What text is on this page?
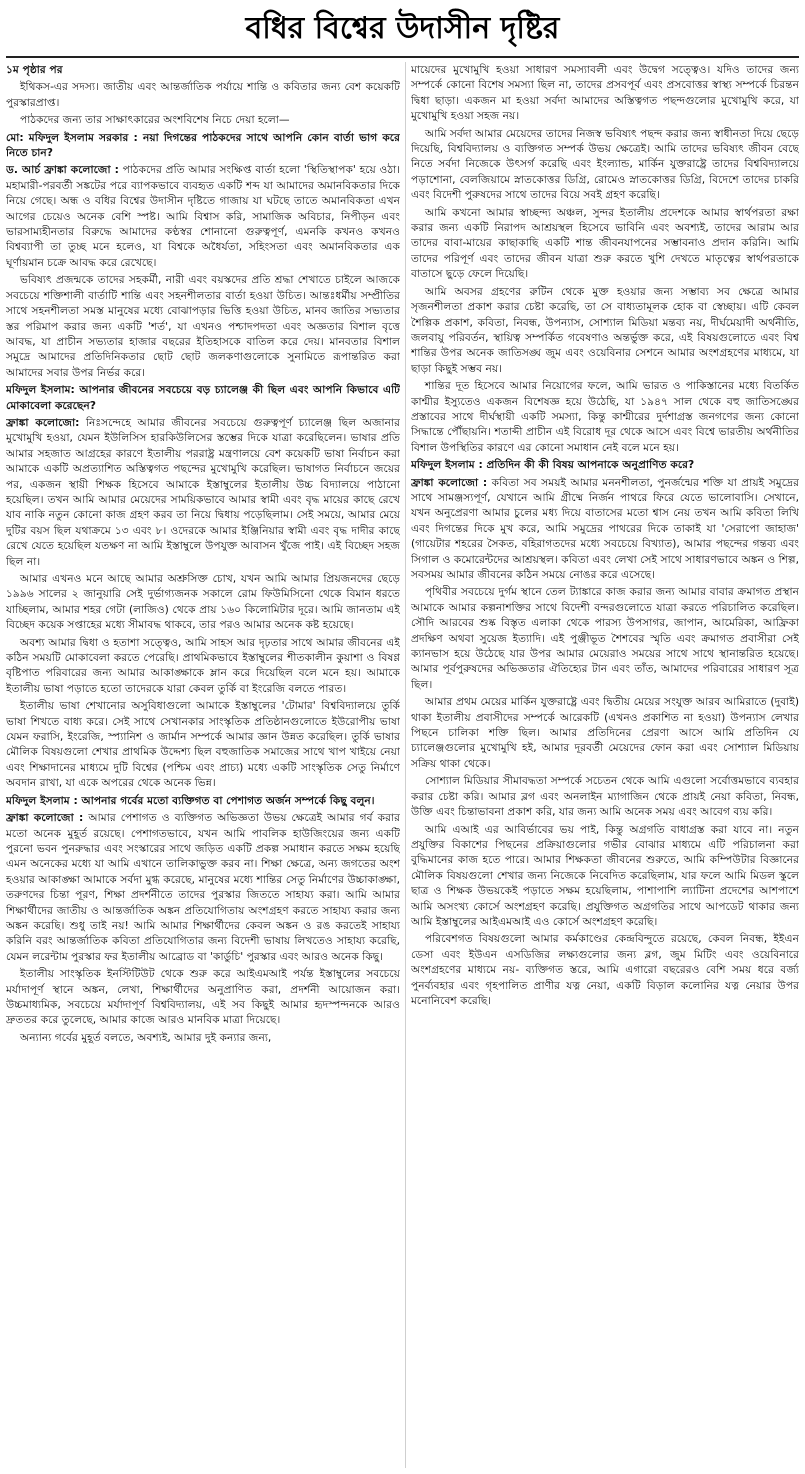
বধির বিশ্বের উদাসীন দৃষ্টির

১ম পৃষ্ঠার পর

ইথিকস-এর সদস্য। জাতীয় এবং আন্তর্জাতিক পর্যায়ে শান্তি ও কবিতার জন্য বেশ কয়েকটি পুরস্কারপ্রাপ্ত।

পাঠকদের জন্য তার সাক্ষাৎকারের অংশবিশেষ নিচে দেয়া হলো—

মো: মফিদুল ইসলাম সরকার : নয়া দিগন্তের পাঠকদের সাথে আপনি কোন বার্তা ভাগ করে নিতে চান?

ড. আর্চ ফ্রাঙ্কা কলোজো : পাঠকদের প্রতি আমার সংক্ষিপ্ত বার্তা হলো 'স্থিতিস্থাপক' হয়ে ওঠা। মহামারী-পরবর্তী সঙ্কটের পরে ব্যাপকভাবে ব্যবহৃত একটি শব্দ যা আমাদের অমানবিকতার দিকে নিয়ে গেছে। অন্ধ ও বধির বিশ্বের উদাসীন দৃষ্টিতে গাজায় যা ঘটছে তাতে অমানবিকতা এখন আগের চেয়েও অনেক বেশি স্পষ্ট। আমি বিশ্বাস করি, সামাজিক অবিচার, নিপীড়ন এবং ভারসাম্যহীনতার বিরুদ্ধে আমাদের কণ্ঠস্বর শোনানো গুরুত্বপূর্ণ, এমনকি কখনও কখনও বিশ্বব্যাপী তা তুচ্ছ মনে হলেও, যা বিশ্বকে অধৈর্যতা, সহিংসতা এবং অমানবিকতার এক ঘূর্ণায়মান চক্রে আবদ্ধ করে রেখেছে।

ভবিষ্যৎ প্রজন্মকে তাদের সহকর্মী, নারী এবং বয়স্কদের প্রতি শ্রদ্ধা শেখাতে চাইলে আজকে সবচেয়ে শক্তিশালী বার্তাটি শান্তি এবং সহনশীলতার বার্তা হওয়া উচিত। আন্তঃধর্মীয় সম্প্রীতির সাথে সহনশীলতা সমস্ত মানুষের মধ্যে বোঝাপড়ার ভিত্তি হওয়া উচিত, মানব জাতির সভ্যতার স্তর পরিমাপ করার জন্য একটি 'শর্ত', যা এখনও পশ্চাদপদতা এবং অজ্ঞতার বিশাল বৃত্তে আবদ্ধ, যা প্রাচীন সভ্যতার হাজার বছরের ইতিহাসকে বাতিল করে দেয়। মানবতার বিশাল সমুদ্রে আমাদের প্রতিদিনিকতার ছোট ছোট জলকণাগুলোকে সুনামিতে রূপান্তরিত করা আমাদের সবার উপর নির্ভর করে।

মফিদুল ইসলাম: আপনার জীবনের সবচেয়ে বড় চ্যালেঞ্জ কী ছিল এবং আপনি কিভাবে এটি মোকাবেলা করেছেন?

ফ্রাঙ্কা কলোজো: নিঃসন্দেহে আমার জীবনের সবচেয়ে গুরুত্বপূর্ণ চ্যালেঞ্জ ছিল অজানার মুখোমুখি হওয়া, যেমন ইউলিসিস হারকিউলিসের স্তম্ভের দিকে যাত্রা করেছিলেন। ভাষার প্রতি আমার সহজাত আগ্রহের কারণে ইতালীয় পররাষ্ট্র মন্ত্রণালয়ে বেশ কয়েকটি ভাষা নির্বাচন করা আমাকে একটি অপ্রত্যাশিত অস্তিত্বগত পছন্দের মুখোমুখি করেছিল। ভাষাগত নির্বাচনে জয়ের পর, একজন স্থায়ী শিক্ষক হিসেবে আমাকে ইস্তাম্বুলের ইতালীয় উচ্চ বিদ্যালয়ে পাঠানো হয়েছিল। তখন আমি আমার মেয়েদের সাময়িকভাবে আমার স্বামী এবং বৃদ্ধ মায়ের কাছে রেখে যাব নাকি নতুন কোনো কাজ গ্রহণ করব তা নিয়ে দ্বিধায় পড়েছিলাম। সেই সময়ে, আমার মেয়ে দুটির বয়স ছিল যথাক্রমে ১৩ এবং ৮। ওদেরকে আমার ইঞ্জিনিয়ার স্বামী এবং বৃদ্ধ দাদীর কাছে রেখে যেতে হয়েছিল যতক্ষণ না আমি ইস্তাম্বুলে উপযুক্ত আবাসন খুঁজে পাই। এই বিচ্ছেদ সহজ ছিল না।

আমার এখনও মনে আছে আমার অশ্রুসিক্ত চোখ, যখন আমি আমার প্রিয়জনদের ছেড়ে ১৯৯৬ সালের ২ জানুয়ারি সেই দুর্ভাগ্যজনক সকালে রোম ফিউমিসিনো থেকে বিমান ধরতে যাচ্ছিলাম, আমার শহর গেটা (লাজিও) থেকে প্রায় ১৬০ কিলোমিটার দূরে। আমি জানতাম এই বিচ্ছেদ কয়েক সপ্তাহের মধ্যে সীমাবদ্ধ থাকবে, তার পরও আমার অনেক কষ্ট হয়েছে।

অবশ্য আমার দ্বিধা ও হতাশা সত্ত্বেও, আমি সাহস আর দৃঢ়তার সাথে আমার জীবনের এই কঠিন সময়টি মোকাবেলা করতে পেরেছি। প্রাথমিকভাবে ইস্তাম্বুলের শীতকালীন কুয়াশা ও বিষণ্ণ বৃষ্টিপাত পরিবারের জন্য আমার আকাঙ্ক্ষাকে ম্লান করে দিয়েছিল বলে মনে হয়। আমাকে ইতালীয় ভাষা পড়াতে হতো তাদেরকে যারা কেবল তুর্কি বা ইংরেজি বলতে পারত।

ইতালীয় ভাষা শেখানোর অসুবিধাগুলো আমাকে ইস্তাম্বুলের 'টোমার' বিশ্ববিদ্যালয়ে তুর্কি ভাষা শিখতে বাধ্য করে। সেই সাথে সেখানকার সাংস্কৃতিক প্রতিষ্ঠানগুলোতে ইউরোপীয় ভাষা যেমন ফরাসি, ইংরেজি, স্প্যানিশ ও জার্মান সম্পর্কে আমার জ্ঞান উন্নত করেছিল। তুর্কি ভাষার মৌলিক বিষয়গুলো শেখার প্রাথমিক উদ্দেশ্য ছিল বহুজাতিক সমাজের সাথে খাপ খাইয়ে নেয়া এবং শিক্ষাদানের মাধ্যমে দুটি বিশ্বের (পশ্চিম এবং প্রাচ্য) মধ্যে একটি সাংস্কৃতিক সেতু নির্মাণে অবদান রাখা, যা একে অপরের থেকে অনেক ভিন্ন।

মফিদুল ইসলাম : আপনার গর্বের মতো ব্যক্তিগত বা পেশাগত অর্জন সম্পর্কে কিছু বলুন।

ফ্রাঙ্কা কলোজো : আমার পেশাগত ও ব্যক্তিগত অভিজ্ঞতা উভয় ক্ষেত্রেই আমার গর্ব করার মতো অনেক মুহূর্ত রয়েছে। পেশাগতভাবে, যখন আমি পাবলিক হাউজিংয়ের জন্য একটি পুরনো ভবন পুনরুদ্ধার এবং সংস্কারের সাথে জড়িত একটি প্রকল্প সমাধান করতে সক্ষম হয়েছি এমন অনেকের মধ্যে যা আমি এখানে তালিকাভুক্ত করব না। শিক্ষা ক্ষেত্রে, অন্য জগতের অংশ হওয়ার আকাঙ্ক্ষা আমাকে সর্বদা মুগ্ধ করেছে, মানুষের মধ্যে শান্তির সেতু নির্মাণের উচ্চাকাঙ্ক্ষা, তরুণদের চিন্তা পূরণ, শিক্ষা প্রদর্শনীতে তাদের পুরস্কার জিততে সাহায্য করা। আমি আমার শিক্ষার্থীদের জাতীয় ও আন্তর্জাতিক অঙ্কন প্রতিযোগিতায় অংশগ্রহণ করতে সাহায্য করার জন্য অঙ্কন করেছি। শুধু তাই নয়! আমি আমার শিক্ষার্থীদের কেবল অঙ্কন ও রঙ করতেই সাহায্য করিনি বরং আন্তর্জাতিক কবিতা প্রতিযোগিতার জন্য বিদেশী ভাষায় লিখতেও সাহায্য করেছি, যেমন লরেন্টাম পুরস্কার ফর ইতালীয় আব্রোড বা 'কার্ডুচি' পুরস্কার এবং আরও অনেক কিছু।

ইতালীয় সাংস্কৃতিক ইনস্টিটিউট থেকে শুরু করে আইএমআই পর্যন্ত ইস্তাম্বুলের সবচেয়ে মর্যাদাপূর্ণ স্থানে অঙ্কন, লেখা, শিক্ষার্থীদের অনুপ্রাণিত করা, প্রদর্শনী আয়োজন করা। উচ্চমাধ্যমিক, সবচেয়ে মর্যাদাপূর্ণ বিশ্ববিদ্যালয়, এই সব কিছুই আমার হৃদস্পন্দনকে আরও দ্রুততর করে তুলেছে, আমার কাজে আরও মানবিক মাত্রা দিয়েছে।

অন্যান্য গর্বের মুহূর্ত বলতে, অবশ্যই, আমার দুই কন্যার জন্য,

মায়েদের মুখোমুখি হওয়া সাধারণ সমস্যাবলী এবং উদ্বেগ সত্ত্বেও। যদিও তাদের জন্য সম্পর্কে কোনো বিশেষ সমস্যা ছিল না, তাদের প্রসবপূর্ব এবং প্রসবোত্তর স্বাস্থ্য সম্পর্কে চিরন্তন দ্বিধা ছাড়া। একজন মা হওয়া সর্বদা আমাদের অস্তিত্বগত পছন্দগুলোর মুখোমুখি করে, যা মুখোমুখি হওয়া সহজ নয়।

আমি সর্বদা আমার মেয়েদের তাদের নিজস্ব ভবিষ্যৎ পছন্দ করার জন্য স্বাধীনতা দিয়ে ছেড়ে দিয়েছি, বিশ্ববিদ্যালয় ও ব্যক্তিগত সম্পর্ক উভয় ক্ষেত্রেই। আমি তাদের ভবিষ্যৎ জীবন বেছে নিতে সর্বদা নিজেকে উৎসর্গ করেছি এবং ইংল্যান্ড, মার্কিন যুক্তরাষ্ট্রে তাদের বিশ্ববিদ্যালয়ে পড়াশোনা, বেলজিয়ামে স্নাতকোত্তর ডিগ্রি, রোমেও স্নাতকোত্তর ডিগ্রি, বিদেশে তাদের চাকরি এবং বিদেশী পুরুষদের সাথে তাদের বিয়ে সবই গ্রহণ করেছি।

আমি কখনো আমার স্বাচ্ছন্দ্য অঞ্চল, সুন্দর ইতালীয় প্রদেশকে আমার স্বার্থপরতা রক্ষা করার জন্য একটি নিরাপদ আশ্রয়স্থল হিসেবে ভাবিনি এবং অবশ্যই, তাদের আরাম আর তাদের বাবা-মায়ের কাছাকাছি একটি শান্ত জীবনযাপনের সম্ভাবনাও প্রদান করিনি। আমি তাদের পরিপূর্ণ এবং তাদের জীবন যাত্রা শুরু করতে খুশি দেখতে মাতৃত্বের স্বার্থপরতাকে বাতাসে ছুড়ে ফেলে দিয়েছি।

আমি অবসর গ্রহণের রুটিন থেকে মুক্ত হওয়ার জন্য সম্ভাব্য সব ক্ষেত্রে আমার সৃজনশীলতা প্রকাশ করার চেষ্টা করেছি, তা সে বাধ্যতামূলক হোক বা স্বেচ্ছায়। এটি কেবল শৈল্পিক প্রকাশ, কবিতা, নিবন্ধ, উপন্যাস, সোশ্যাল মিডিয়া মন্তব্য নয়, দীর্ঘমেয়াদী অর্থনীতি, জলবায়ু পরিবর্তন, স্থায়িত্ব সম্পর্কিত গবেষণাও অন্তর্ভুক্ত করে, এই বিষয়গুলোতে এবং বিশ্ব শান্তির উপর অনেক জাতিসঙ্ঘ জুম এবং ওয়েবিনার সেশনে আমার অংশগ্রহণের মাধ্যমে, যা ছাড়া কিছুই সম্ভব নয়।

শান্তির দূত হিসেবে আমার নিয়োগের ফলে, আমি ভারত ও পাকিস্তানের মধ্যে বিতর্কিত কাশ্মীর ইস্যুতেও একজন বিশেষজ্ঞ হয়ে উঠেছি, যা ১৯৪৭ সাল থেকে বহু জাতিসঙ্ঘের প্রস্তাবের সাথে দীর্ঘস্থায়ী একটি সমস্যা, কিন্তু কাশ্মীরের দুর্দশাগ্রস্ত জনগণের জন্য কোনো সিদ্ধান্তে পৌঁছায়নি। শতাব্দী প্রাচীন এই বিরোধ দূর থেকে আসে এবং বিশ্বে ভারতীয় অর্থনীতির বিশাল উপস্থিতির কারণে এর কোনো সমাধান নেই বলে মনে হয়।

মফিদুল ইসলাম : প্রতিদিন কী কী বিষয় আপনাকে অনুপ্রাণিত করে?

ফ্রাঙ্কা কলোজো : কবিতা সব সময়ই আমার মননশীলতা, পুনর্জন্মের শক্তি যা প্রায়ই সমুদ্রের সাথে সামঞ্জস্যপূর্ণ, যেখানে আমি গ্রীষ্মে নির্জন পাথরে ফিরে যেতে ভালোবাসি। সেখানে, যখন অনুপ্রেরণা আমার চুলের মধ্য দিয়ে বাতাসের মতো শ্বাস নেয় তখন আমি কবিতা লিখি এবং দিগন্তের দিকে মুখ করে, আমি সমুদ্রের পাথরের দিকে তাকাই যা 'সেরাপো জাহাজ' (গায়েটার শহরের সৈকত, বহিরাগতদের মধ্যে সবচেয়ে বিখ্যাত), আমার পছন্দের গন্তব্য এবং সিগাল ও কমোরেন্টদের আশ্রয়স্থল। কবিতা এবং লেখা সেই সাথে সাধারণভাবে অঙ্কন ও শিল্প, সবসময় আমার জীবনের কঠিন সময়ে নোঙর করে এসেছে।

পৃথিবীর সবচেয়ে দুর্গম স্থানে তেল ট্যাঙ্কারে কাজ করার জন্য আমার বাবার ক্রমাগত প্রস্থান আমাকে আমার কল্পনাশক্তির সাথে বিদেশী বন্দরগুলোতে যাত্রা করতে পরিচালিত করেছিল। সৌদি আরবের শুষ্ক বিস্তৃত এলাকা থেকে পারস্য উপসাগর, জাপান, আমেরিকা, আফ্রিকা প্রদক্ষিণ অথবা সুয়েজ ইত্যাদি। এই পুঞ্জীভূত শৈশবের স্মৃতি এবং ক্রমাগত প্রবাসীরা সেই ক্যানভাস হয়ে উঠেছে যার উপর আমার মেয়েরাও সময়ের সাথে সাথে স্থানান্তরিত হয়েছে। আমার পূর্বপুরুষদের অভিজ্ঞতার ঐতিহ্যের টান এবং তাঁত, আমাদের পরিবারের সাধারণ সূত্র ছিল।

আমার প্রথম মেয়ের মার্কিন যুক্তরাষ্ট্রে এবং দ্বিতীয় মেয়ের সংযুক্ত আরব আমিরাতে (দুবাই) থাকা ইতালীয় প্রবাসীদের সম্পর্কে আরেকটি (এখনও প্রকাশিত না হওয়া) উপন্যাস লেখার পিছনে চালিকা শক্তি ছিল। আমার প্রতিদিনের প্রেরণা আসে আমি প্রতিদিন যে চ্যালেঞ্জগুলোর মুখোমুখি হই, আমার দূরবর্তী মেয়েদের ফোন করা এবং সোশ্যাল মিডিয়ায় সক্রিয় থাকা থেকে।

সোশ্যাল মিডিয়ার সীমাবদ্ধতা সম্পর্কে সচেতন থেকে আমি এগুলো সর্বোত্তমভাবে ব্যবহার করার চেষ্টা করি। আমার ব্লগ এবং অনলাইন ম্যাগাজিন থেকে প্রায়ই নেয়া কবিতা, নিবন্ধ, উক্তি এবং চিন্তাভাবনা প্রকাশ করি, যার জন্য আমি অনেক সময় এবং আবেগ ব্যয় করি।

আমি এআই এর আবির্ভাবের ভয় পাই, কিন্তু অগ্রগতি বাধাগ্রস্ত করা যাবে না। নতুন প্রযুক্তির বিকাশের পিছনের প্রক্রিয়াগুলোর গভীর বোঝার মাধ্যমে এটি পরিচালনা করা বুদ্ধিমানের কাজ হতে পারে। আমার শিক্ষকতা জীবনের শুরুতে, আমি কম্পিউটার বিজ্ঞানের মৌলিক বিষয়গুলো শেখার জন্য নিজেকে নিবেদিত করেছিলাম, যার ফলে আমি মিডল স্কুলে ছাত্র ও শিক্ষক উভয়কেই পড়াতে সক্ষম হয়েছিলাম, পাশাপাশি ল্যাটিনা প্রদেশের আশপাশে আমি অসংখ্য কোর্সে অংশগ্রহণ করেছি। প্রযুক্তিগত অগ্রগতির সাথে আপডেট থাকার জন্য আমি ইস্তাম্বুলের আইএমআই এও কোর্সে অংশগ্রহণ করেছি।

পরিবেশগত বিষয়গুলো আমার কর্মকাণ্ডের কেন্দ্রবিন্দুতে রয়েছে, কেবল নিবন্ধ, ইইএন ডেসা এবং ইউএন এসডিজির লক্ষ্যগুলোর জন্য ব্লগ, জুম মিটিং এবং ওয়েবিনারে অংশগ্রহণের মাধ্যমে নয়- ব্যক্তিগত স্তরে, আমি এগারো বছরেরও বেশি সময় ধরে বর্জ্য পুনর্ব্যবহার এবং গৃহপালিত প্রাণীর যত্ন নেয়া, একটি বিড়াল কলোনির যত্ন নেয়ার উপর মনোনিবেশ করেছি।
